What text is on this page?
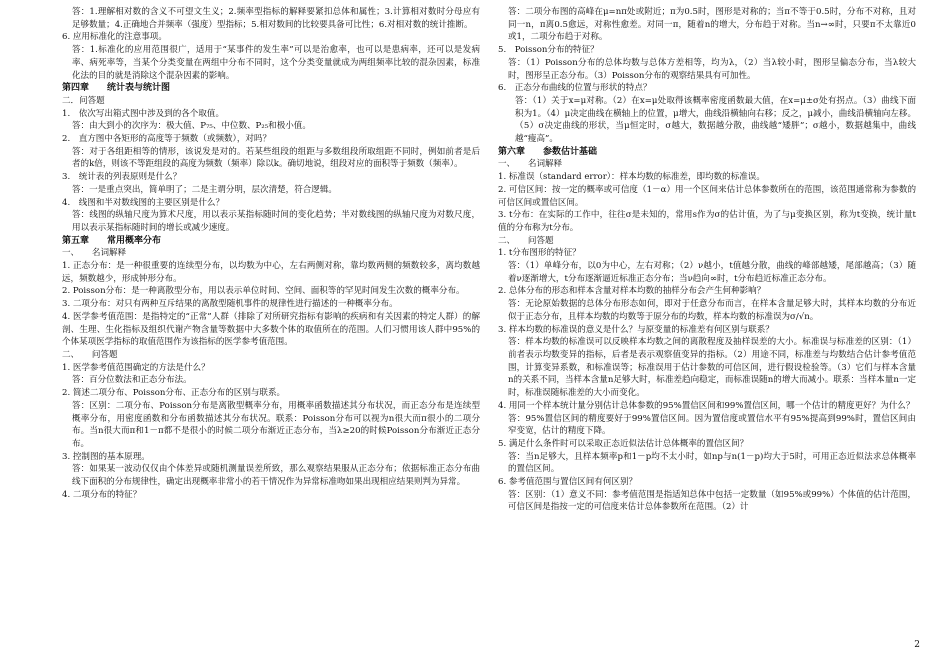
答：1.理解相对数的含义不可望文生义；2.频率型指标的解释要紧扣总体和属性；3.计算相对数时分母应有足够数量；4.正确地合并频率（强度）型指标；5.相对数间的比较要具备可比性；6.对相对数的统计推断。

6. 应用标准化的注意事项。

答：1.标准化的应用范围很广，适用于“某事件的发生率”可以是治愈率，也可以是患病率，还可以是发病率、病死率等，当某个分类变量在两组中分布不同时，这个分类变量就成为两组频率比较的混杂因素，标准化法的目的就是消除这个混杂因素的影响。

第四章　　统计表与统计图

二．问答题

1.　依次写出箱式图中涉及到的各个取值。

答：由大到小的次序为：极大值、P₇₅、中位数、P₂₅和极小值。

2.　直方图中各矩形的高度等于频数（或频数），对吗？

答：对于各组距相等的情形，该说发是对的。若某些组段的组距与多数组段所取组距不同时，例如前者是后者的k倍，则该不等距组段的高度为频数（频率）除以k。确切地说，组段对应的面积等于频数（频率）。

3.　统计表的列表原则是什么？

答：一是重点突出，简单明了；二是主谓分明，层次清楚，符合逻辑。

4.　线图和半对数线图的主要区别是什么？

答：线图的纵轴尺度为算术尺度，用以表示某指标随时间的变化趋势；半对数线图的纵轴尺度为对数尺度，用以表示某指标随时间的增长或减少速度。

第五章　　常用概率分布

一、　　名词解释

1. 正态分布：是一种很重要的连续型分布，以均数为中心，左右两侧对称，靠均数两侧的频数较多，离均数越远，频数越少，形成钟形分布。

2. Poisson分布：是一种离散型分布，用以表示单位时间、空间、面积等的罕见时间发生次数的概率分布。

3. 二项分布：对只有两种互斥结果的离散型随机事件的规律性进行描述的一种概率分布。

4. 医学参考值范围：是指特定的“正常”人群（排除了对所研究指标有影响的疾病和有关因素的特定人群）的解剖、生理、生化指标及组织代谢产物含量等数据中大多数个体的取值所在的范围。人们习惯用该人群中95%的个体某项医学指标的取值范围作为该指标的医学参考值范围。

二、　　问答题

1. 医学参考值范围确定的方法是什么？

答：百分位数法和正态分布法。

2. 简述二项分布、Poisson分布、正态分布的区别与联系。

答：区别：二项分布、Poisson分布是离散型概率分布，用概率函数描述其分布状况，而正态分布是连续型概率分布，用密度函数和分布函数描述其分布状况。联系：Poisson分布可以视为n很大而π很小的二项分布。当n很大而π和1－π都不是很小的时候二项分布渐近正态分布，当λ≥20的时候Poisson分布渐近正态分布。

3. 控制图的基本原理。

答：如果某一波动仅仅由个体差异或随机测量误差所致，那么观察结果服从正态分布；依据标准正态分布曲线下面积的分布规律性，确定出现概率非常小的若干情况作为异常标准吻如果出现相应结果则判为异常。

4. 二项分布的特征？

答：二项分布图的高峰在μ=nπ处或附近；π为0.5时，图形是对称的；当π不等于0.5时，分布不对称，且对同一n，π离0.5愈远，对称性愈差。对同一π，随着n的增大，分布趋于对称。当n→∞时，只要π不太靠近0或1，二项分布趋于对称。

5.　Poisson分布的特征？

答：（1）Poisson分布的总体均数与总体方差相等，均为λ，（2）当λ较小时，图形呈偏态分布，当λ较大时，图形呈正态分布。（3）Poisson分布的观察结果具有可加性。

6.　正态分布曲线的位置与形状的特点？

答：（1）关于x=μ对称。（2）在x=μ处取得该概率密度函数最大值，在x=μ±σ处有拐点。（3）曲线下面积为1。（4）μ决定曲线在横轴上的位置，μ增大，曲线沿横轴向右移；反之，μ减小，曲线沿横轴向左移。（5）σ决定曲线的形状，当μ恒定时，σ越大，数据越分散，曲线越“矮胖”；σ越小，数据越集中，曲线越“瘦高”。

第六章　　参数估计基础

一、　　名词解释

1. 标准误（standard error）：样本均数的标准差，即均数的标准误。

2. 可信区间：按一定的概率或可信度（1－α）用一个区间来估计总体参数所在的范围，该范围通常称为参数的可信区间或置信区间。

3. t分布：在实际的工作中，往往σ是未知的，常用s作为σ的估计值，为了与μ变换区别，称为t变换，统计量t值的分布称为t分布。

二、　　问答题

1. t分布图形的特征？

答：（1）单峰分布，以0为中心，左右对称；（2）ν越小，t值越分散，曲线的峰部越矮，尾部越高；（3）随着ν逐渐增大，t分布逐渐逼近标准正态分布；当ν趋向∞时，t分布趋近标准正态分布。

2. 总体分布的形态和样本含量对样本均数的抽样分布会产生何种影响？

答：无论原始数据的总体分布形态如何，即对于任意分布而言，在样本含量足够大时，其样本均数的分布近似于正态分布，且样本均数的均数等于原分布的均数，样本均数的标准误为σ/√n。

3. 样本均数的标准误的意义是什么？与原变量的标准差有何区别与联系？

答：样本均数的标准误可以反映样本均数之间的离散程度及抽样误差的大小。标准误与标准差的区别：（1）前者表示均数变异的指标，后者是表示观察值变异的指标。（2）用途不同，标准差与均数结合估计参考值范围，计算变异系数，和标准误等；标准误用于估计参数的可信区间，进行假设检验等。（3）它们与样本含量n的关系不同，当样本含量n足够大时，标准差趋向稳定，而标准误随n的增大而减小。联系：当样本量n一定时，标准误随标准差的大小而变化。

4. 用同一个样本统计量分别估计总体参数的95%置信区间和99%置信区间，哪一个估计的精度更好？为什么？

答：95%置信区间的精度要好于99%置信区间。因为置信度或置信水平有95%提高到99%时，置信区间由窄变宽，估计的精度下降。

5. 满足什么条件时可以采取正态近似法估计总体概率的置信区间？

答：当n足够大，且样本频率p和1－p均不太小时，如np与n(1－p)均大于5时，可用正态近似法求总体概率的置信区间。

6. 参考值范围与置信区间有何区别？

答：区别：（1）意义不同：参考值范围是指适知总体中包括一定数量（如95%或99%）个体值的估计范围，可信区间是指按一定的可信度来估计总体参数所在范围。（2）计

2
